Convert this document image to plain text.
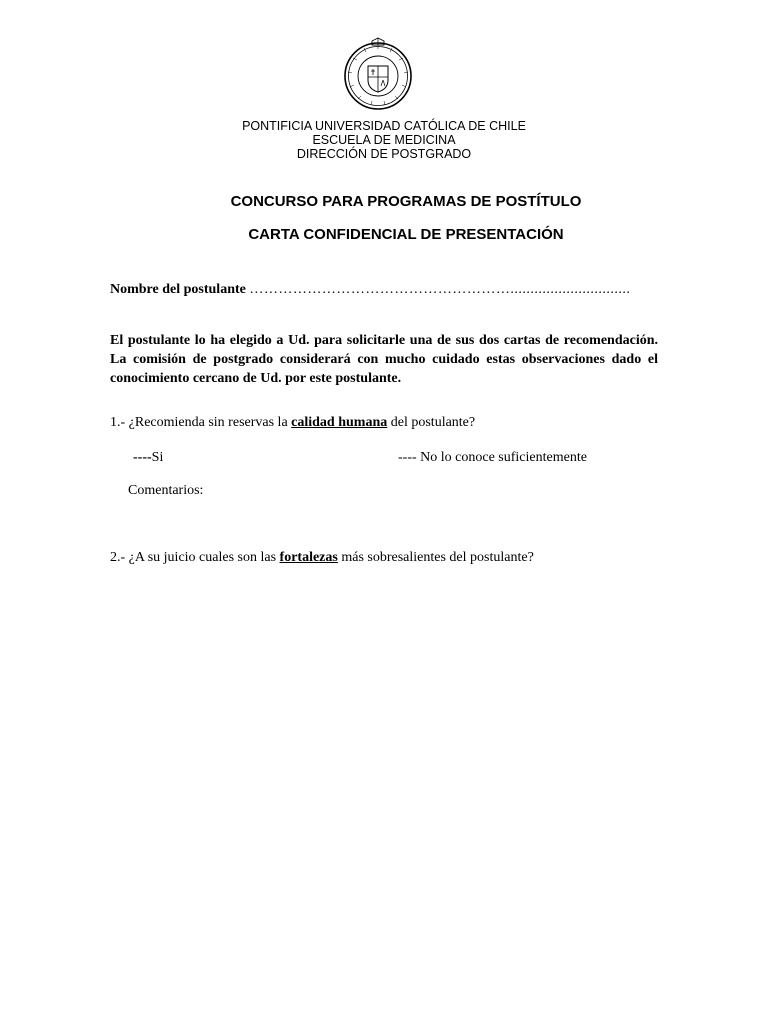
PONTIFICIA UNIVERSIDAD CATÓLICA DE CHILE
ESCUELA DE MEDICINA
DIRECCIÓN DE POSTGRADO
CONCURSO PARA PROGRAMAS DE POSTÍTULO
CARTA CONFIDENCIAL DE PRESENTACIÓN
Nombre del postulante ………………………………………………..............................
El postulante lo ha elegido a Ud. para solicitarle una de sus dos cartas de recomendación. La comisión de postgrado considerará con mucho cuidado estas observaciones dado el conocimiento cercano de Ud. por este postulante.
1.- ¿Recomienda sin reservas la calidad humana del postulante?
----Si	---- No lo conoce suficientemente
Comentarios:
2.- ¿A su juicio cuales son las fortalezas más sobresalientes del postulante?
